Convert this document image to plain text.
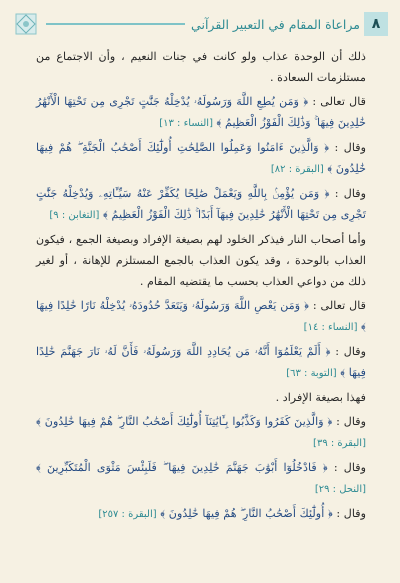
مراعاة المقام في التعبير القرآني ٨

ذلك أن الوحدة عذاب ولو كانت في جنات النعيم ، وأن الاجتماع من مستلزمات السعادة .

قال تعالى : ﴿ وَمَن يُطِعِ اللَّهَ وَرَسُولَهُۥ يُدْخِلْهُ جَنَّٰتٍ تَجْرِى مِن تَحْتِهَا الْأَنْهَٰرُ خَٰلِدِينَ فِيهَا ۚ وَذَٰلِكَ الْفَوْزُ الْعَظِيمُ ﴾ [النساء : ١٣]

وقال : ﴿ وَالَّذِينَ ءَامَنُوا وَعَمِلُوا الصَّٰلِحَٰتِ أُولَٰٓئِكَ أَصْحَٰبُ الْجَنَّةِ ۖ هُمْ فِيهَا خَٰلِدُونَ ﴾ [البقرة : ٨٢]

وقال : ﴿ وَمَن يُؤْمِنۢ بِاللَّهِ وَيَعْمَلْ صَٰلِحًا يُكَفِّرْ عَنْهُ سَيِّـَٔاتِهِۦ وَيُدْخِلْهُ جَنَّٰتٍ تَجْرِى مِن تَحْتِهَا الْأَنْهَٰرُ خَٰلِدِينَ فِيهَآ أَبَدًا ۚ ذَٰلِكَ الْفَوْزُ الْعَظِيمُ ﴾ [التغابن : ٩]

وأما أصحاب النار فيذكر الخلود لهم بصيغة الإفراد وبصيغة الجمع ، فيكون العذاب بالوحدة ، وقد يكون العذاب بالجمع المستلزم للإهانة ، أو لغير ذلك من دواعي العذاب بحسب ما يقتضيه المقام .

قال تعالى : ﴿ وَمَن يَعْصِ اللَّهَ وَرَسُولَهُۥ وَيَتَعَدَّ حُدُودَهُۥ يُدْخِلْهُ نَارًا خَٰلِدًا فِيهَا ﴾ [النساء : ١٤]

وقال : ﴿ أَلَمْ يَعْلَمُوٓا أَنَّهُۥ مَن يُحَادِدِ اللَّهَ وَرَسُولَهُۥ فَأَنَّ لَهُۥ نَارَ جَهَنَّمَ خَٰلِدًا فِيهَا ﴾ [التوبة : ٦٣]

فهذا بصيغة الإفراد .

وقال : ﴿ وَالَّذِينَ كَفَرُوا وَكَذَّبُوا بِـَٔايَٰتِنَآ أُولَٰٓئِكَ أَصْحَٰبُ النَّارِ ۖ هُمْ فِيهَا خَٰلِدُونَ ﴾ [البقرة : ٣٩]

وقال : ﴿ فَادْخُلُوٓا أَبْوَٰبَ جَهَنَّمَ خَٰلِدِينَ فِيهَا ۖ فَلَبِئْسَ مَثْوَى الْمُتَكَبِّرِينَ ﴾ [النحل : ٢٩]

وقال : ﴿ أُولَٰٓئِكَ أَصْحَٰبُ النَّارِ ۖ هُمْ فِيهَا خَٰلِدُونَ ﴾ [البقرة : ٢٥٧]
